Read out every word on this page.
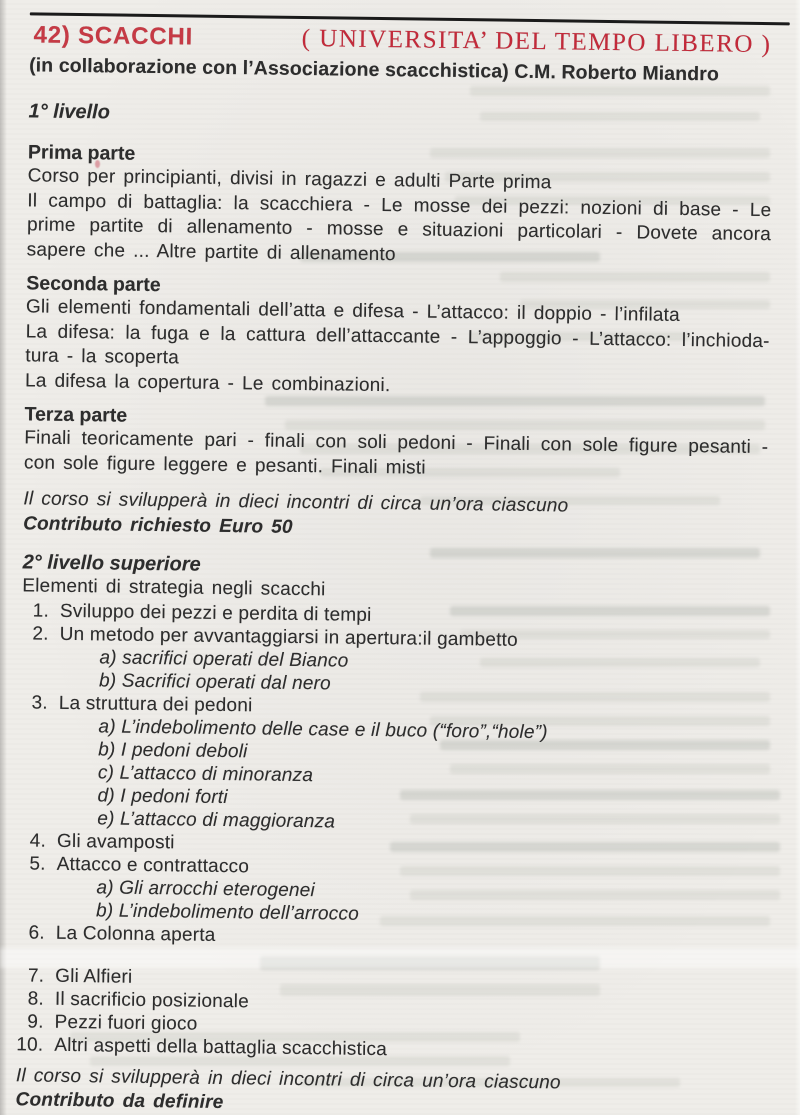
42) SCACCHI	( UNIVERSITA’ DEL TEMPO LIBERO )
(in collaborazione con l’Associazione scacchistica) C.M. Roberto Miandro
1° livello
Prima parte

Corso per principianti, divisi in ragazzi e adulti Parte prima

Il campo di battaglia: la scacchiera - Le mosse dei pezzi: nozioni di base - Le prime partite di allenamento - mosse e situazioni particolari - Dovete ancora sapere che ... Altre partite di allenamento

Seconda parte

Gli elementi fondamentali dell’atta e difesa - L’attacco: il doppio - l’infilata

La difesa: la fuga e la cattura dell’attaccante - L’appoggio - L’attacco: l’inchioda-tura - la scoperta

La difesa la copertura - Le combinazioni.

Terza parte

Finali teoricamente pari - finali con soli pedoni - Finali con sole figure pesanti - con sole figure leggere e pesanti. Finali misti

Il corso si svilupperà in dieci incontri di circa un’ora ciascuno

Contributo richiesto Euro 50

2° livello superiore

Elementi di strategia negli scacchi

1. Sviluppo dei pezzi e perdita di tempi
2. Un metodo per avvantaggiarsi in apertura:il gambetto
a) sacrifici operati del Bianco
b) Sacrifici operati dal nero
3. La struttura dei pedoni
a) L’indebolimento delle case e il buco (“foro”,“hole”)
b) I pedoni deboli
c) L’attacco di minoranza
d) I pedoni forti
e) L’attacco di maggioranza
4. Gli avamposti
5. Attacco e contrattacco
a) Gli arrocchi eterogenei
b) L’indebolimento dell’arrocco
6. La Colonna aperta
7. Gli Alfieri
8. Il sacrificio posizionale
9. Pezzi fuori gioco
10. Altri aspetti della battaglia scacchistica

Il corso si svilupperà in dieci incontri di circa un’ora ciascuno

Contributo da definire
